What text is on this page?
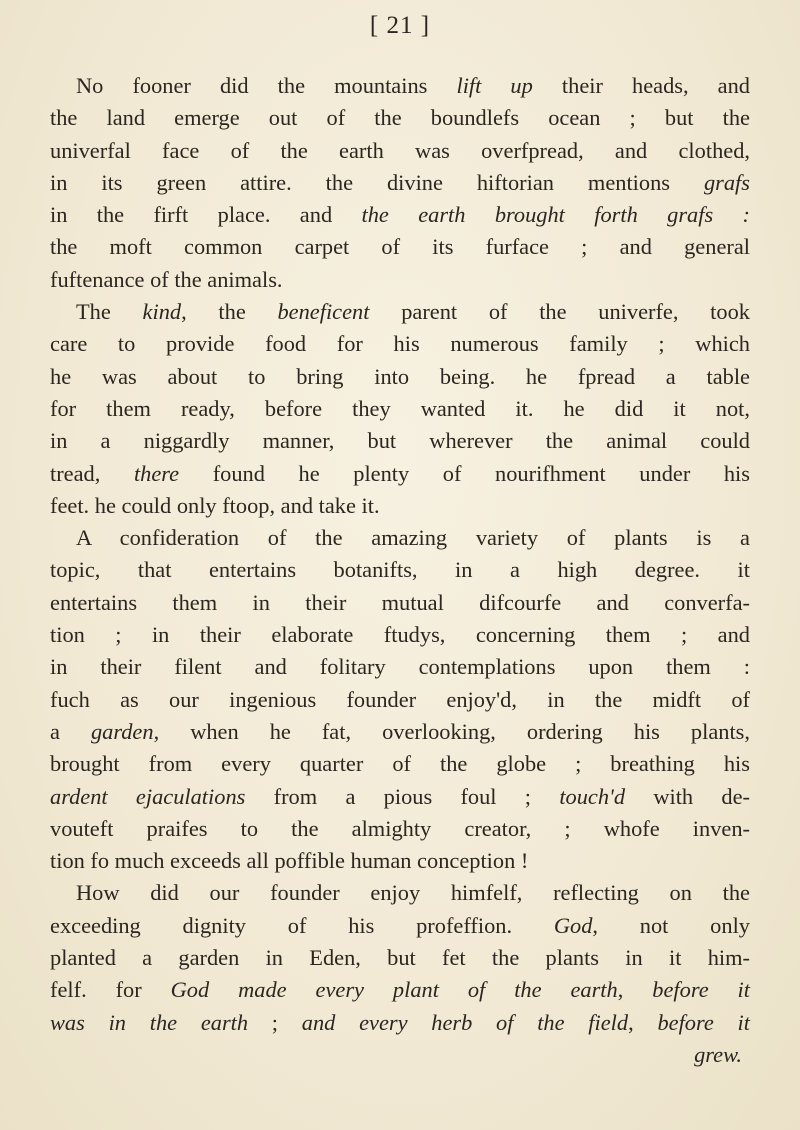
[ 21 ]
No fooner did the mountains lift up their heads, and
the land emerge out of the boundlefs ocean ; but the
univerfal face of the earth was overfpread, and clothed,
in its green attire. the divine hiftorian mentions grafs
in the firft place. and the earth brought forth grafs :
the moft common carpet of its furface ; and general
fuftenance of the animals.
The kind, the beneficent parent of the univerfe, took
care to provide food for his numerous family ; which
he was about to bring into being. he fpread a table
for them ready, before they wanted it. he did it not,
in a niggardly manner, but wherever the animal could
tread, there found he plenty of nourifhment under his
feet. he could only ftoop, and take it.
A confideration of the amazing variety of plants is a
topic, that entertains botanifts, in a high degree. it
entertains them in their mutual difcourfe and converfa-
tion ; in their elaborate ftudys, concerning them ; and
in their filent and folitary contemplations upon them :
fuch as our ingenious founder enjoy'd, in the midft of
a garden, when he fat, overlooking, ordering his plants,
brought from every quarter of the globe ; breathing his
ardent ejaculations from a pious foul ; touch'd with de-
vouteft praifes to the almighty creator, ; whofe inven-
tion fo much exceeds all poffible human conception !
How did our founder enjoy himfelf, reflecting on the
exceeding dignity of his profeffion. God, not only
planted a garden in Eden, but fet the plants in it him-
felf. for God made every plant of the earth, before it
was in the earth ; and every herb of the field, before it
grew.
